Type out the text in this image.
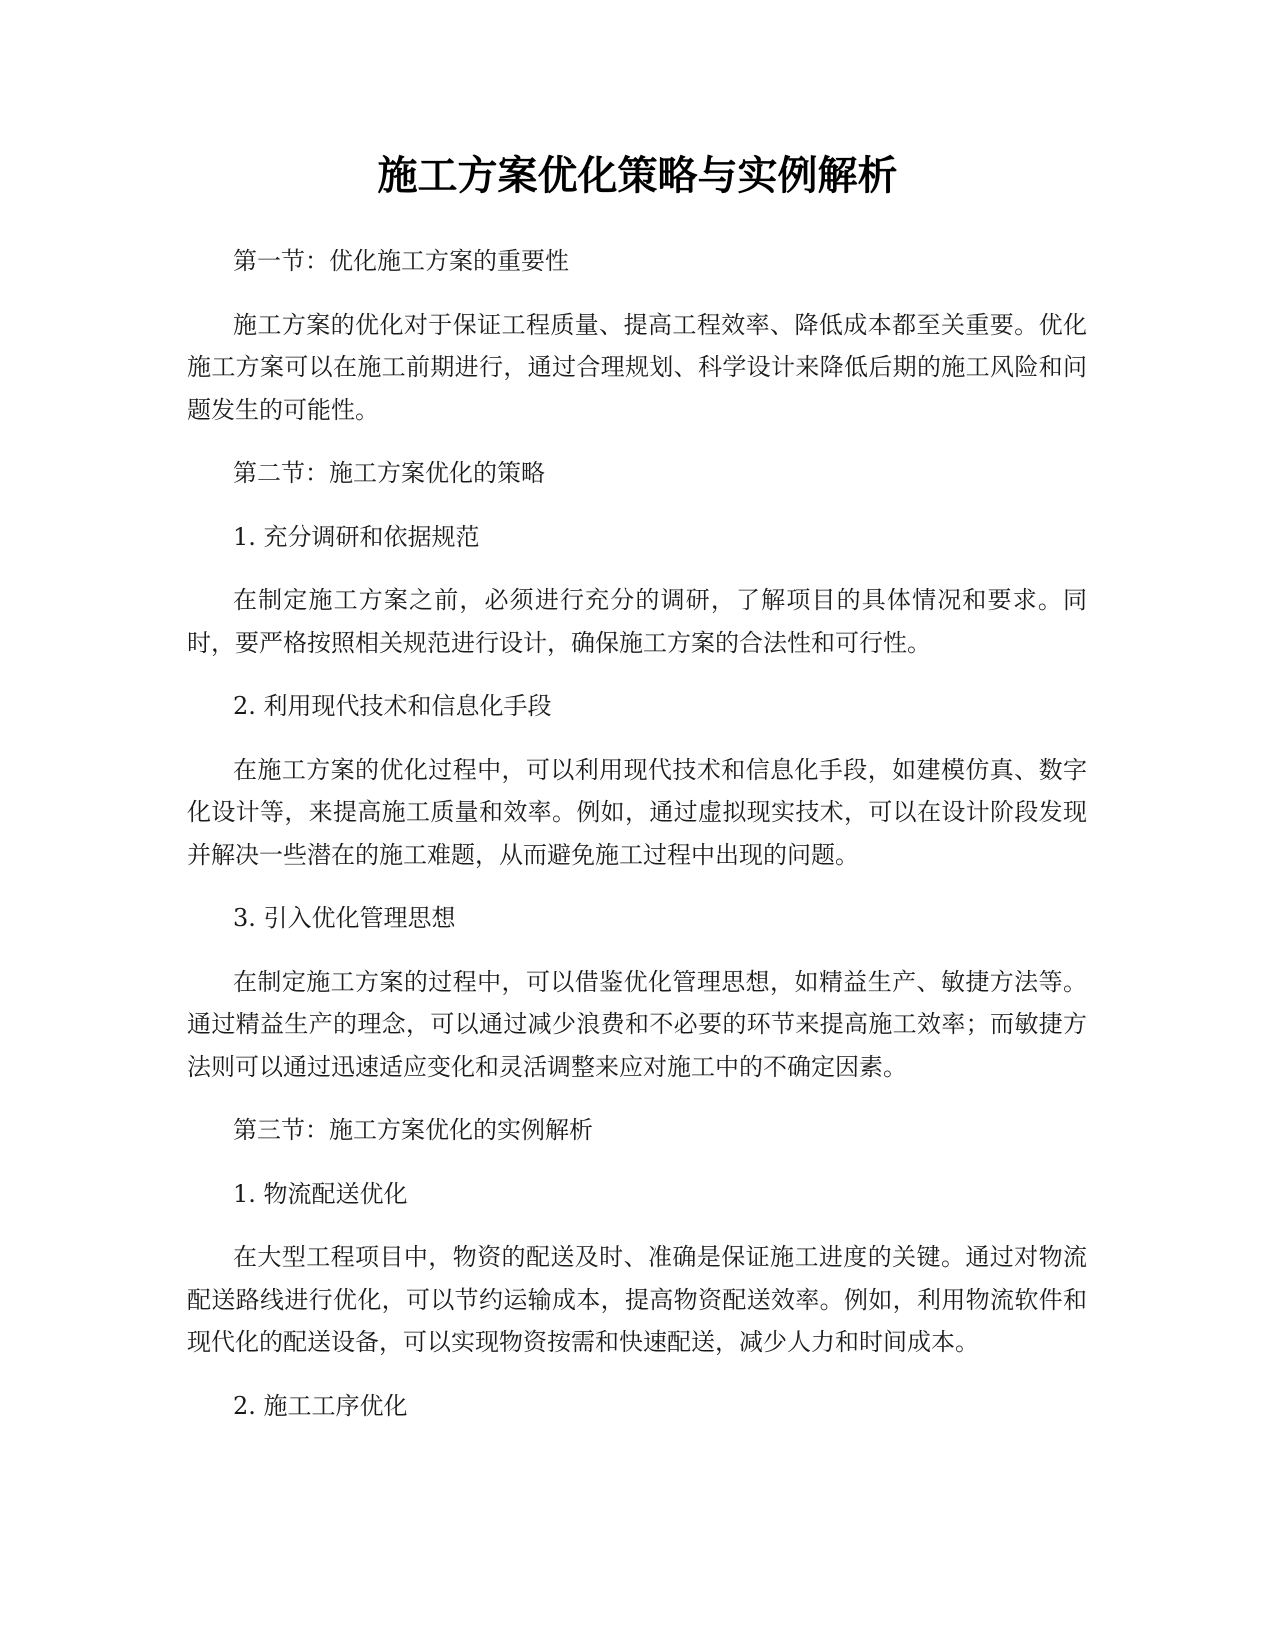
施工方案优化策略与实例解析

第一节：优化施工方案的重要性

施工方案的优化对于保证工程质量、提高工程效率、降低成本都至关重要。优化施工方案可以在施工前期进行，通过合理规划、科学设计来降低后期的施工风险和问题发生的可能性。

第二节：施工方案优化的策略

1. 充分调研和依据规范

在制定施工方案之前，必须进行充分的调研，了解项目的具体情况和要求。同时，要严格按照相关规范进行设计，确保施工方案的合法性和可行性。

2. 利用现代技术和信息化手段

在施工方案的优化过程中，可以利用现代技术和信息化手段，如建模仿真、数字化设计等，来提高施工质量和效率。例如，通过虚拟现实技术，可以在设计阶段发现并解决一些潜在的施工难题，从而避免施工过程中出现的问题。

3. 引入优化管理思想

在制定施工方案的过程中，可以借鉴优化管理思想，如精益生产、敏捷方法等。通过精益生产的理念，可以通过减少浪费和不必要的环节来提高施工效率；而敏捷方法则可以通过迅速适应变化和灵活调整来应对施工中的不确定因素。

第三节：施工方案优化的实例解析

1. 物流配送优化

在大型工程项目中，物资的配送及时、准确是保证施工进度的关键。通过对物流配送路线进行优化，可以节约运输成本，提高物资配送效率。例如，利用物流软件和现代化的配送设备，可以实现物资按需和快速配送，减少人力和时间成本。

2. 施工工序优化
